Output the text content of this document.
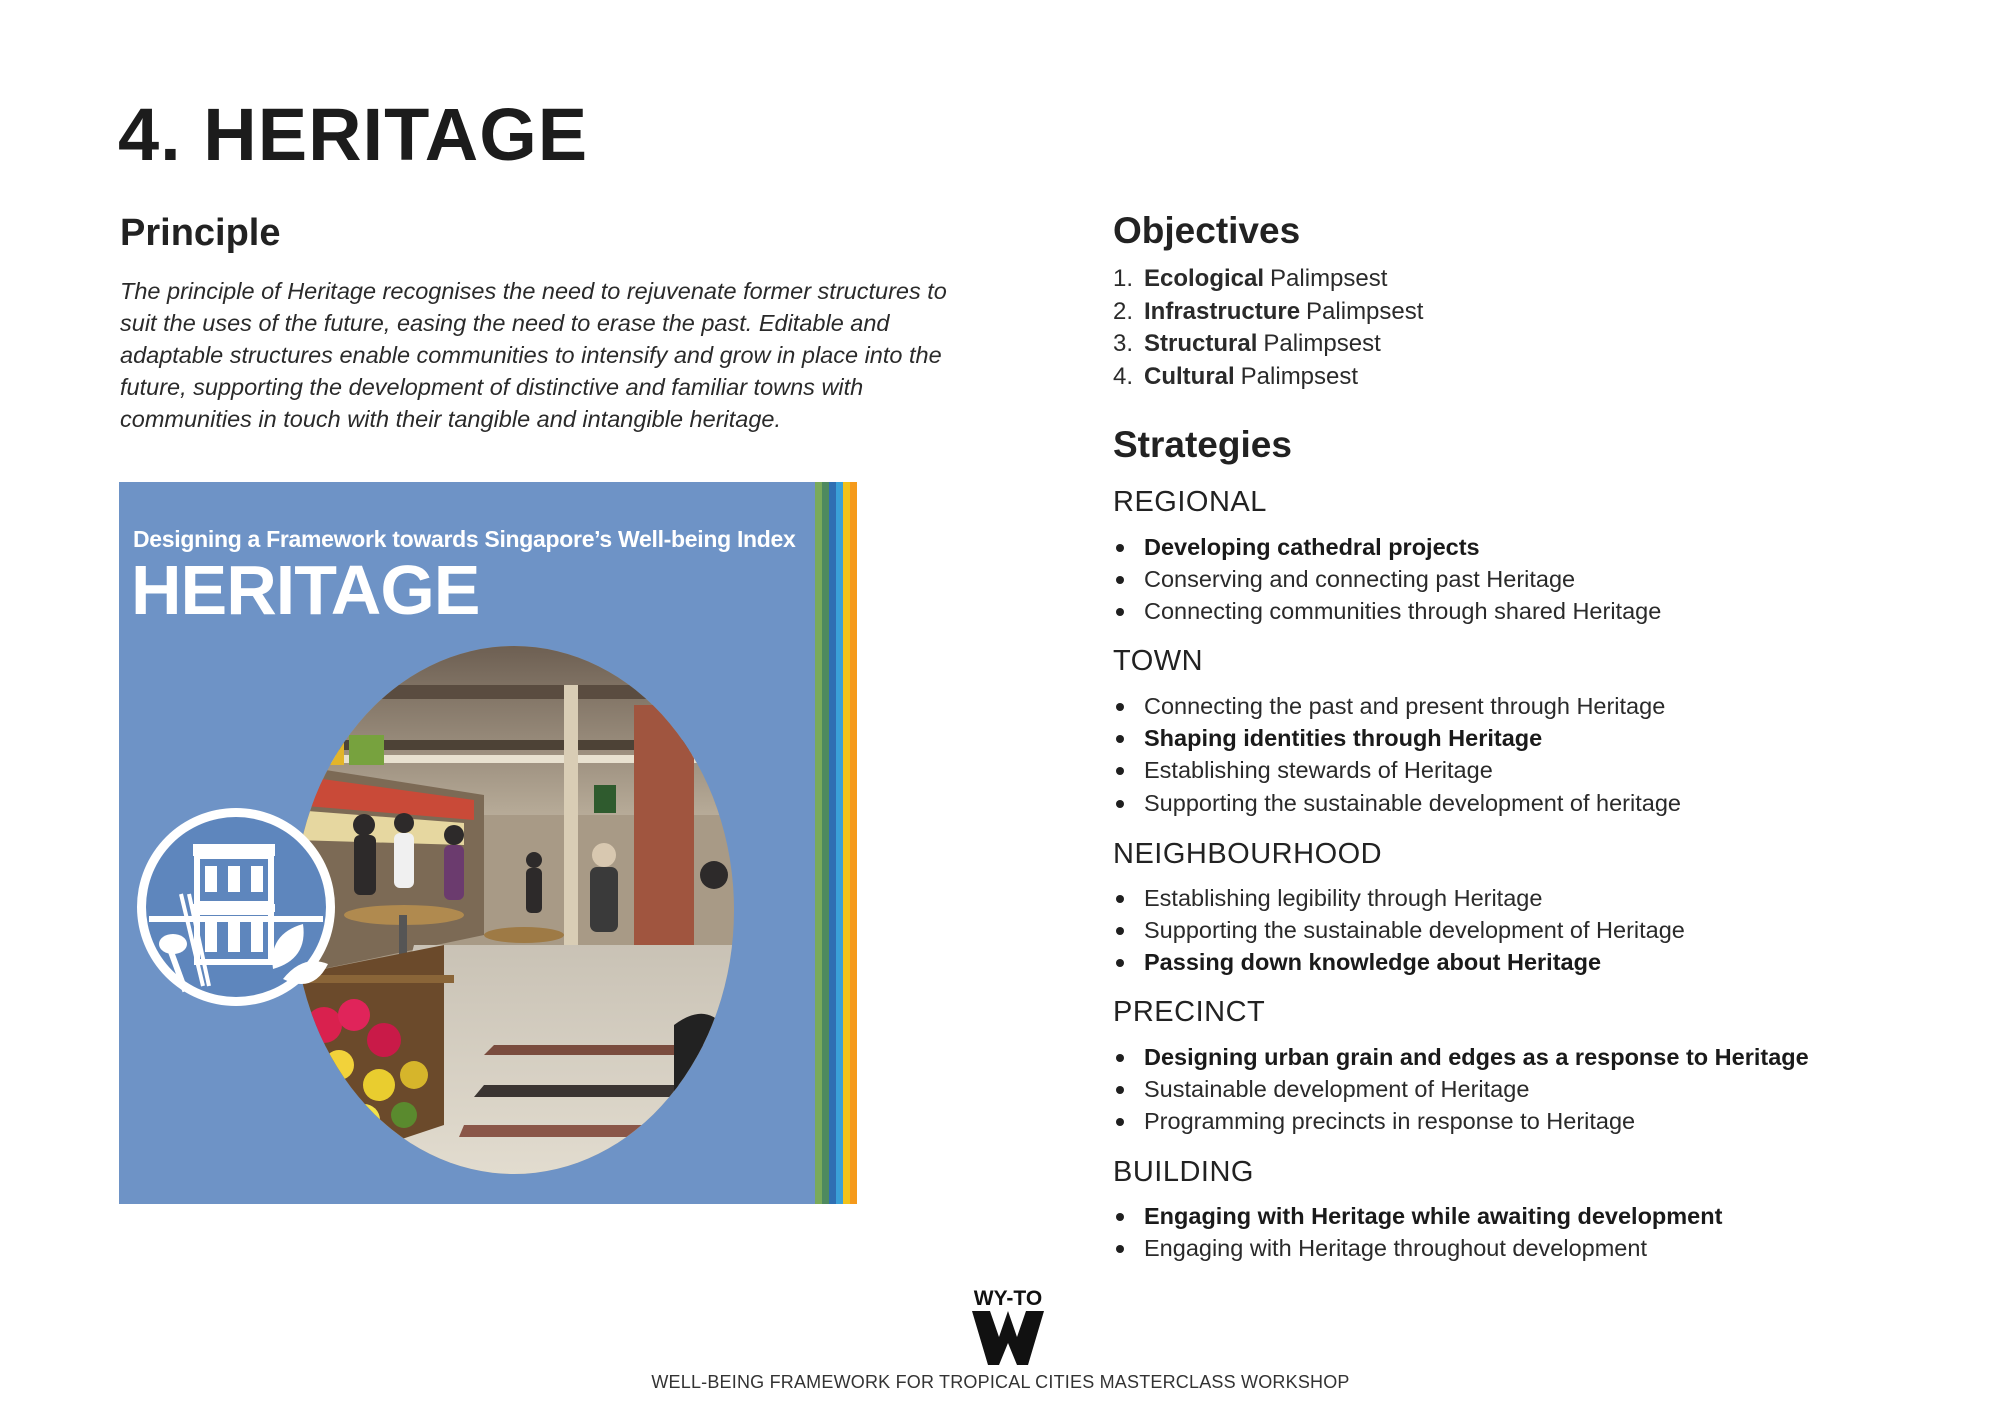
4. HERITAGE
Principle

The principle of Heritage recognises the need to rejuvenate former structures to suit the uses of the future, easing the need to erase the past. Editable and adaptable structures enable communities to intensify and grow in place into the future, supporting the development of distinctive and familiar towns with communities in touch with their tangible and intangible heritage.

Designing a Framework towards Singapore’s Well-being Index
HERITAGE
Objectives
1. Ecological Palimpsest
2. Infrastructure Palimpsest
3. Structural Palimpsest
4. Cultural Palimpsest
Strategies
REGIONAL
Developing cathedral projects
Conserving and connecting past Heritage
Connecting communities through shared Heritage
TOWN
Connecting the past and present through Heritage
Shaping identities through Heritage
Establishing stewards of Heritage
Supporting the sustainable development of heritage
NEIGHBOURHOOD
Establishing legibility through Heritage
Supporting the sustainable development of Heritage
Passing down knowledge about Heritage
PRECINCT
Designing urban grain and edges as a response to Heritage
Sustainable development of Heritage
Programming precincts in response to Heritage
BUILDING
Engaging with Heritage while awaiting development
Engaging with Heritage throughout development
WY-TO
WELL-BEING FRAMEWORK FOR TROPICAL CITIES MASTERCLASS WORKSHOP
